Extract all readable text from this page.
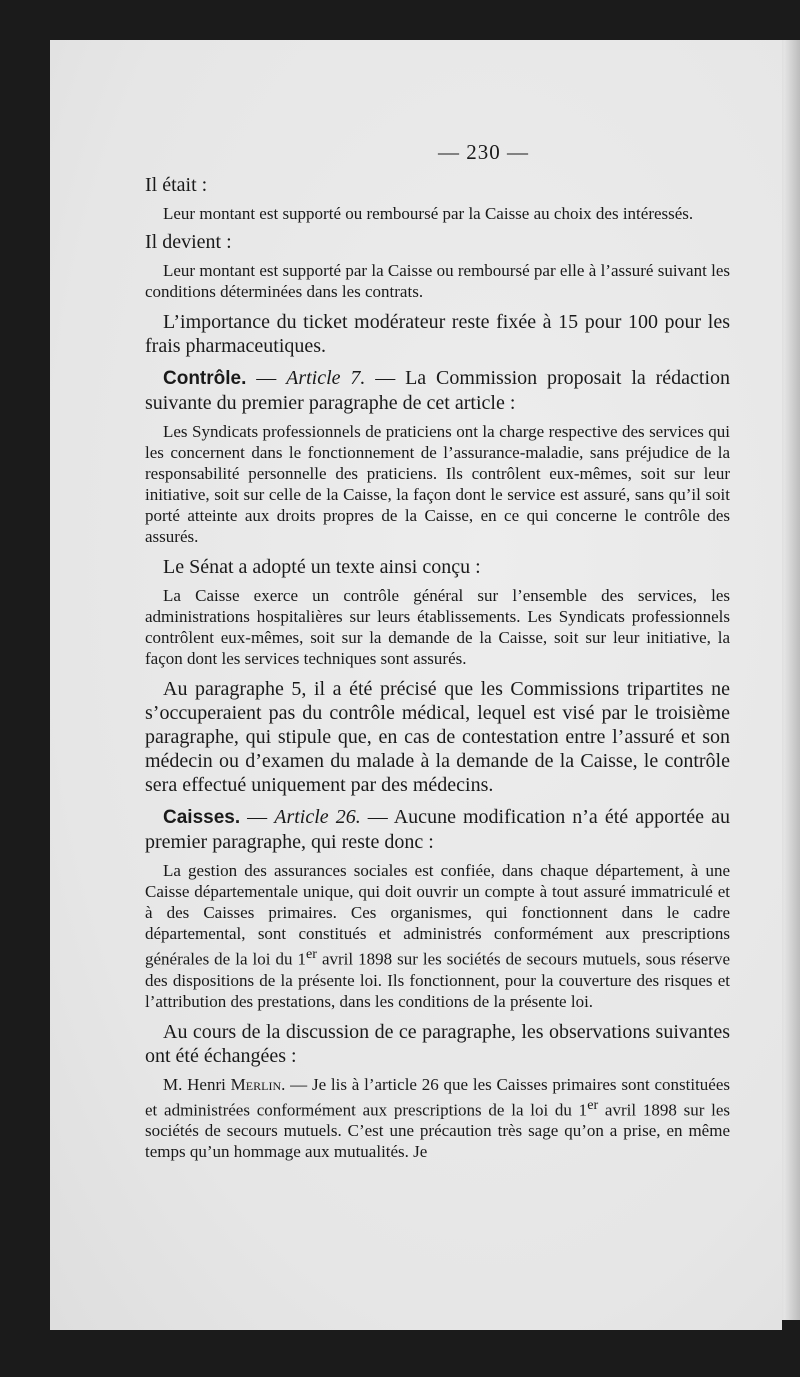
— 230 —

Il était :

Leur montant est supporté ou remboursé par la Caisse au choix des intéressés.

Il devient :

Leur montant est supporté par la Caisse ou remboursé par elle à l’assuré suivant les conditions déterminées dans les contrats.

L’importance du ticket modérateur reste fixée à 15 pour 100 pour les frais pharmaceutiques.

Contrôle. — Article 7. — La Commission proposait la rédaction suivante du premier paragraphe de cet article :

Les Syndicats professionnels de praticiens ont la charge respective des services qui les concernent dans le fonctionnement de l’assurance-maladie, sans préjudice de la responsabilité personnelle des praticiens. Ils contrôlent eux-mêmes, soit sur leur initiative, soit sur celle de la Caisse, la façon dont le service est assuré, sans qu’il soit porté atteinte aux droits propres de la Caisse, en ce qui concerne le contrôle des assurés.

Le Sénat a adopté un texte ainsi conçu :

La Caisse exerce un contrôle général sur l’ensemble des services, les administrations hospitalières sur leurs établissements. Les Syndicats professionnels contrôlent eux-mêmes, soit sur la demande de la Caisse, soit sur leur initiative, la façon dont les services techniques sont assurés.

Au paragraphe 5, il a été précisé que les Commissions tripartites ne s’occuperaient pas du contrôle médical, lequel est visé par le troisième paragraphe, qui stipule que, en cas de contestation entre l’assuré et son médecin ou d’examen du malade à la demande de la Caisse, le contrôle sera effectué uniquement par des médecins.

Caisses. — Article 26. — Aucune modification n’a été apportée au premier paragraphe, qui reste donc :

La gestion des assurances sociales est confiée, dans chaque département, à une Caisse départementale unique, qui doit ouvrir un compte à tout assuré immatriculé et à des Caisses primaires. Ces organismes, qui fonctionnent dans le cadre départemental, sont constitués et administrés conformément aux prescriptions générales de la loi du 1er avril 1898 sur les sociétés de secours mutuels, sous réserve des dispositions de la présente loi. Ils fonctionnent, pour la couverture des risques et l’attribution des prestations, dans les conditions de la présente loi.

Au cours de la discussion de ce paragraphe, les observations suivantes ont été échangées :

M. Henri Merlin. — Je lis à l’article 26 que les Caisses primaires sont constituées et administrées conformément aux prescriptions de la loi du 1er avril 1898 sur les sociétés de secours mutuels. C’est une précaution très sage qu’on a prise, en même temps qu’un hommage aux mutualités. Je
